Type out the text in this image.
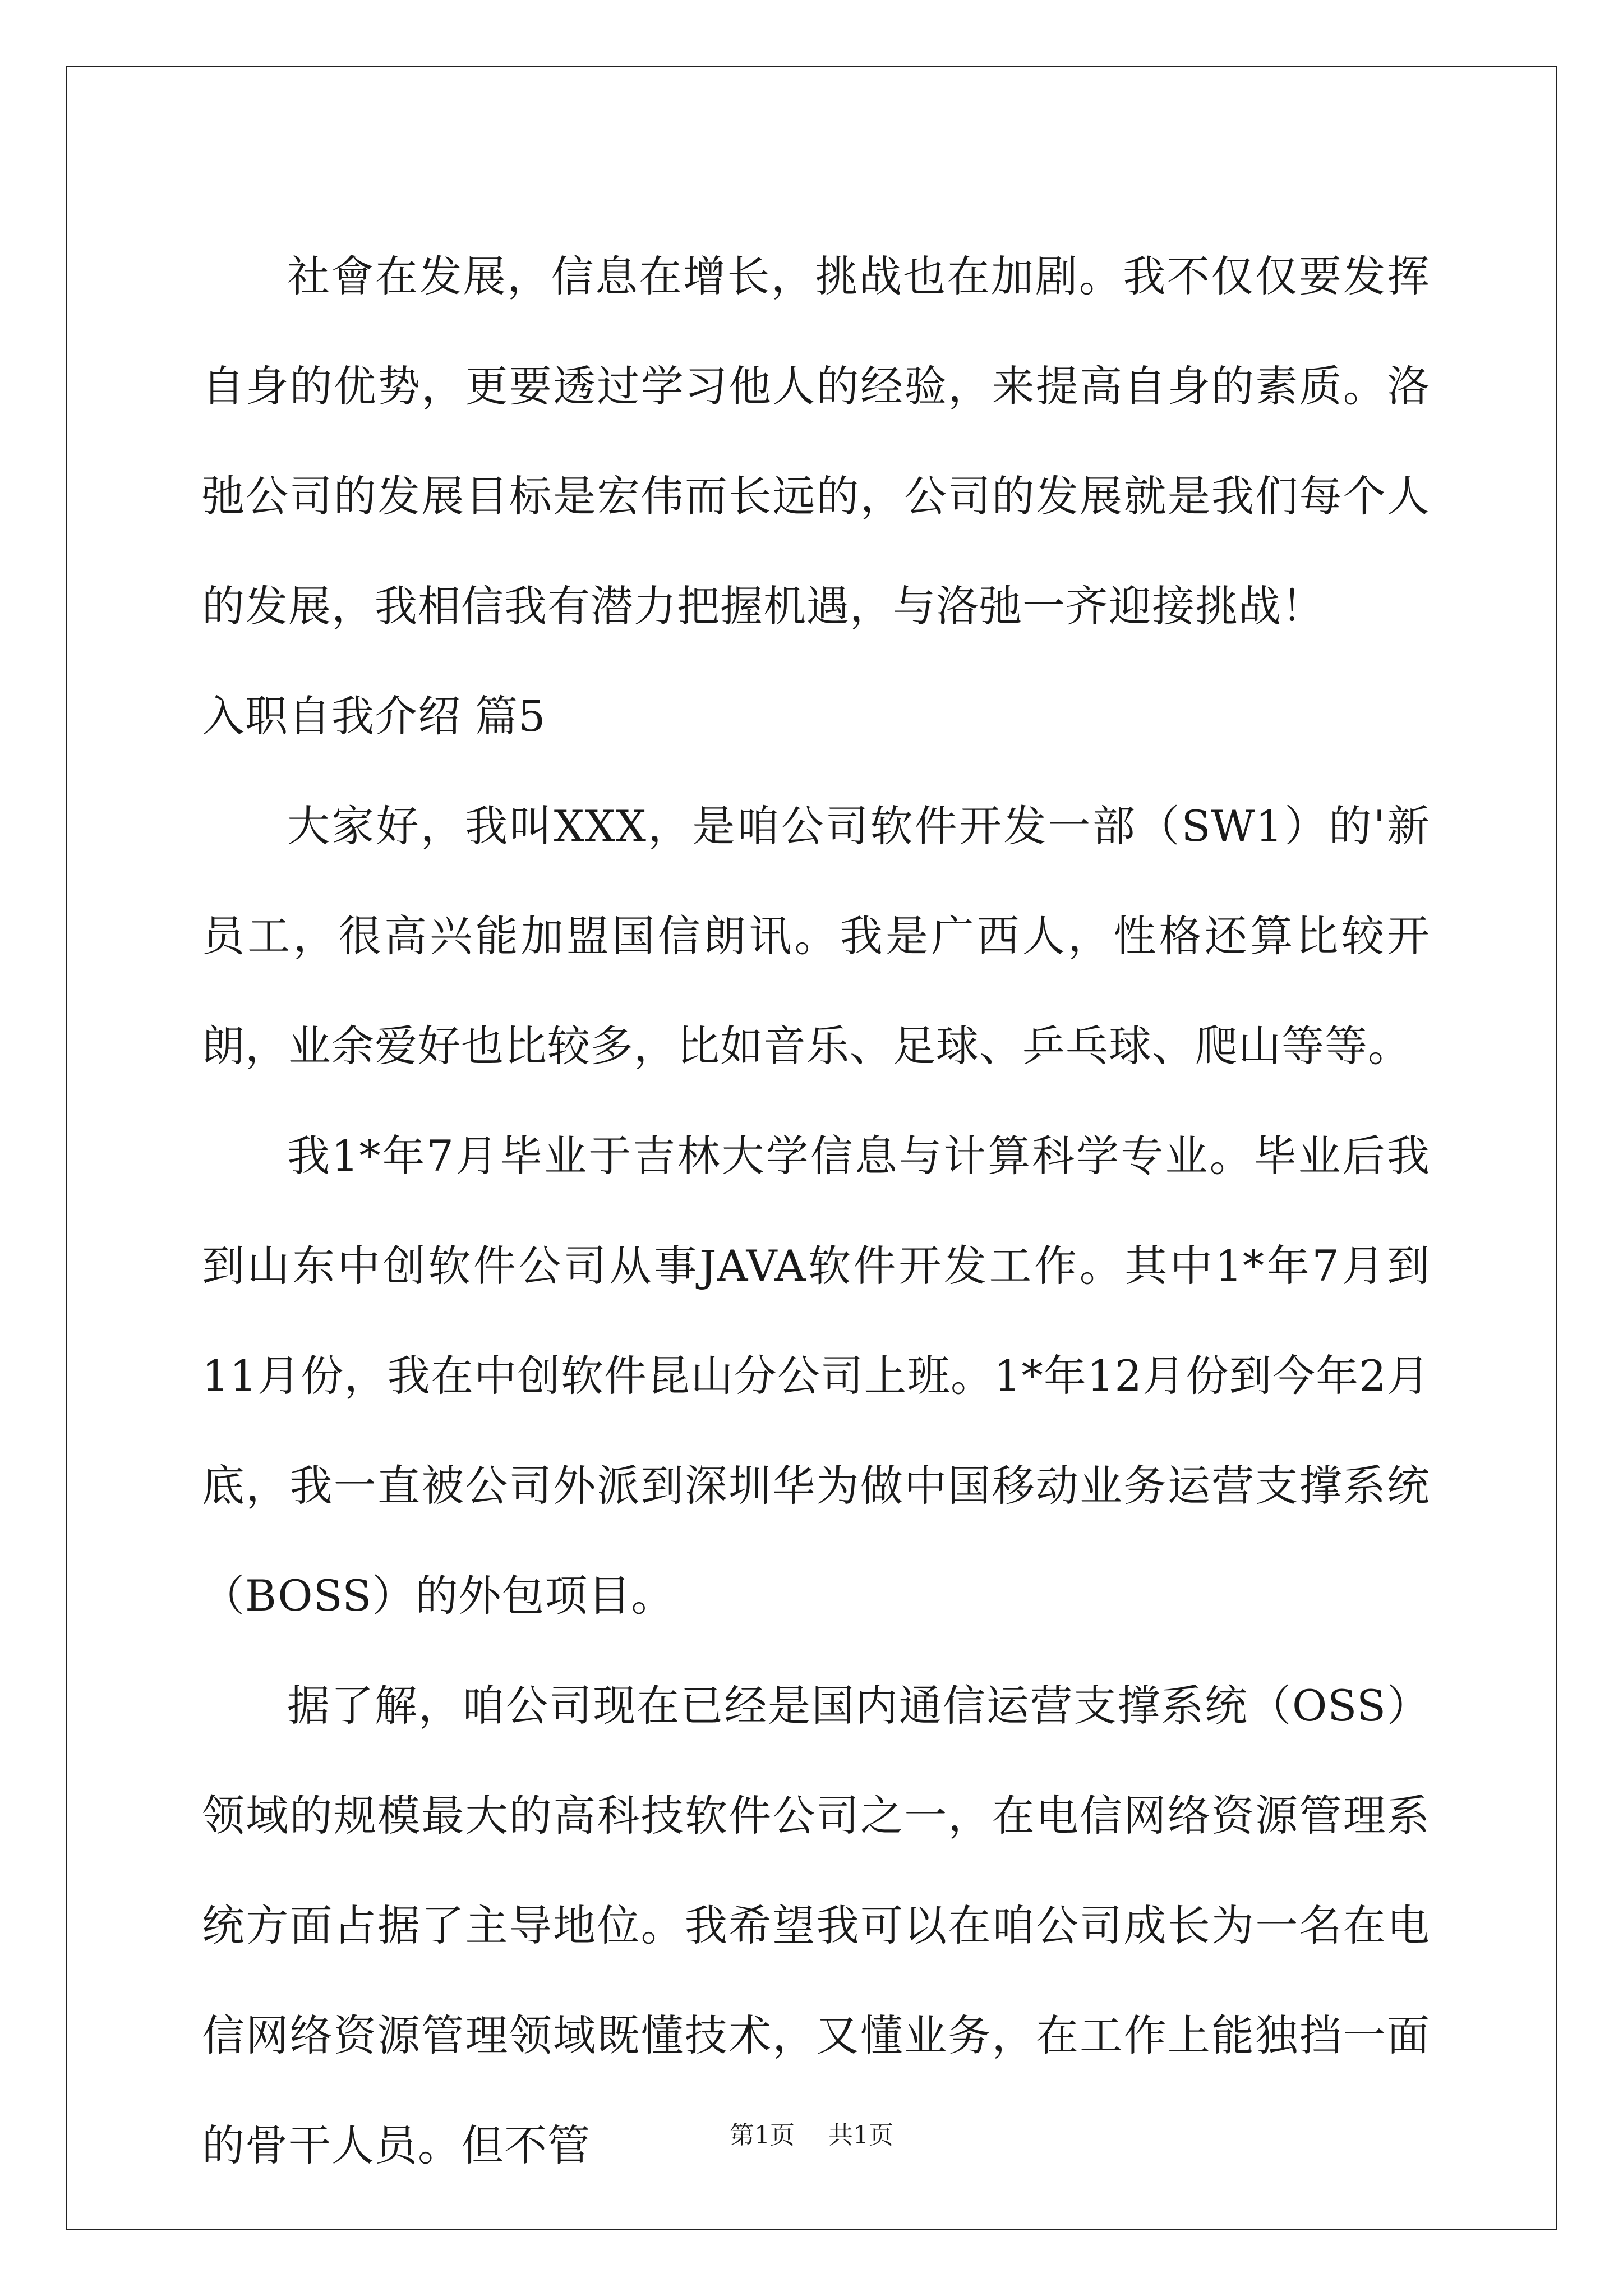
社會在发展，信息在增长，挑战也在加剧。我不仅仅要发挥自身的优势，更要透过学习他人的经验，来提高自身的素质。洛弛公司的发展目标是宏伟而长远的，公司的发展就是我们每个人的发展，我相信我有潜力把握机遇，与洛弛一齐迎接挑战！

入职自我介绍 篇5

大家好，我叫XXX，是咱公司软件开发一部（SW1）的'新员工，很高兴能加盟国信朗讯。我是广西人，性格还算比较开朗，业余爱好也比较多，比如音乐、足球、乒乓球、爬山等等。

我1*年7月毕业于吉林大学信息与计算科学专业。毕业后我到山东中创软件公司从事JAVA软件开发工作。其中1*年7月到11月份，我在中创软件昆山分公司上班。1*年12月份到今年2月底，我一直被公司外派到深圳华为做中国移动业务运营支撑系统（BOSS）的外包项目。

据了解，咱公司现在已经是国内通信运营支撑系统（OSS）领域的规模最大的高科技软件公司之一，在电信网络资源管理系统方面占据了主导地位。我希望我可以在咱公司成长为一名在电信网络资源管理领域既懂技术，又懂业务，在工作上能独挡一面的骨干人员。但不管	第1页 共1页
